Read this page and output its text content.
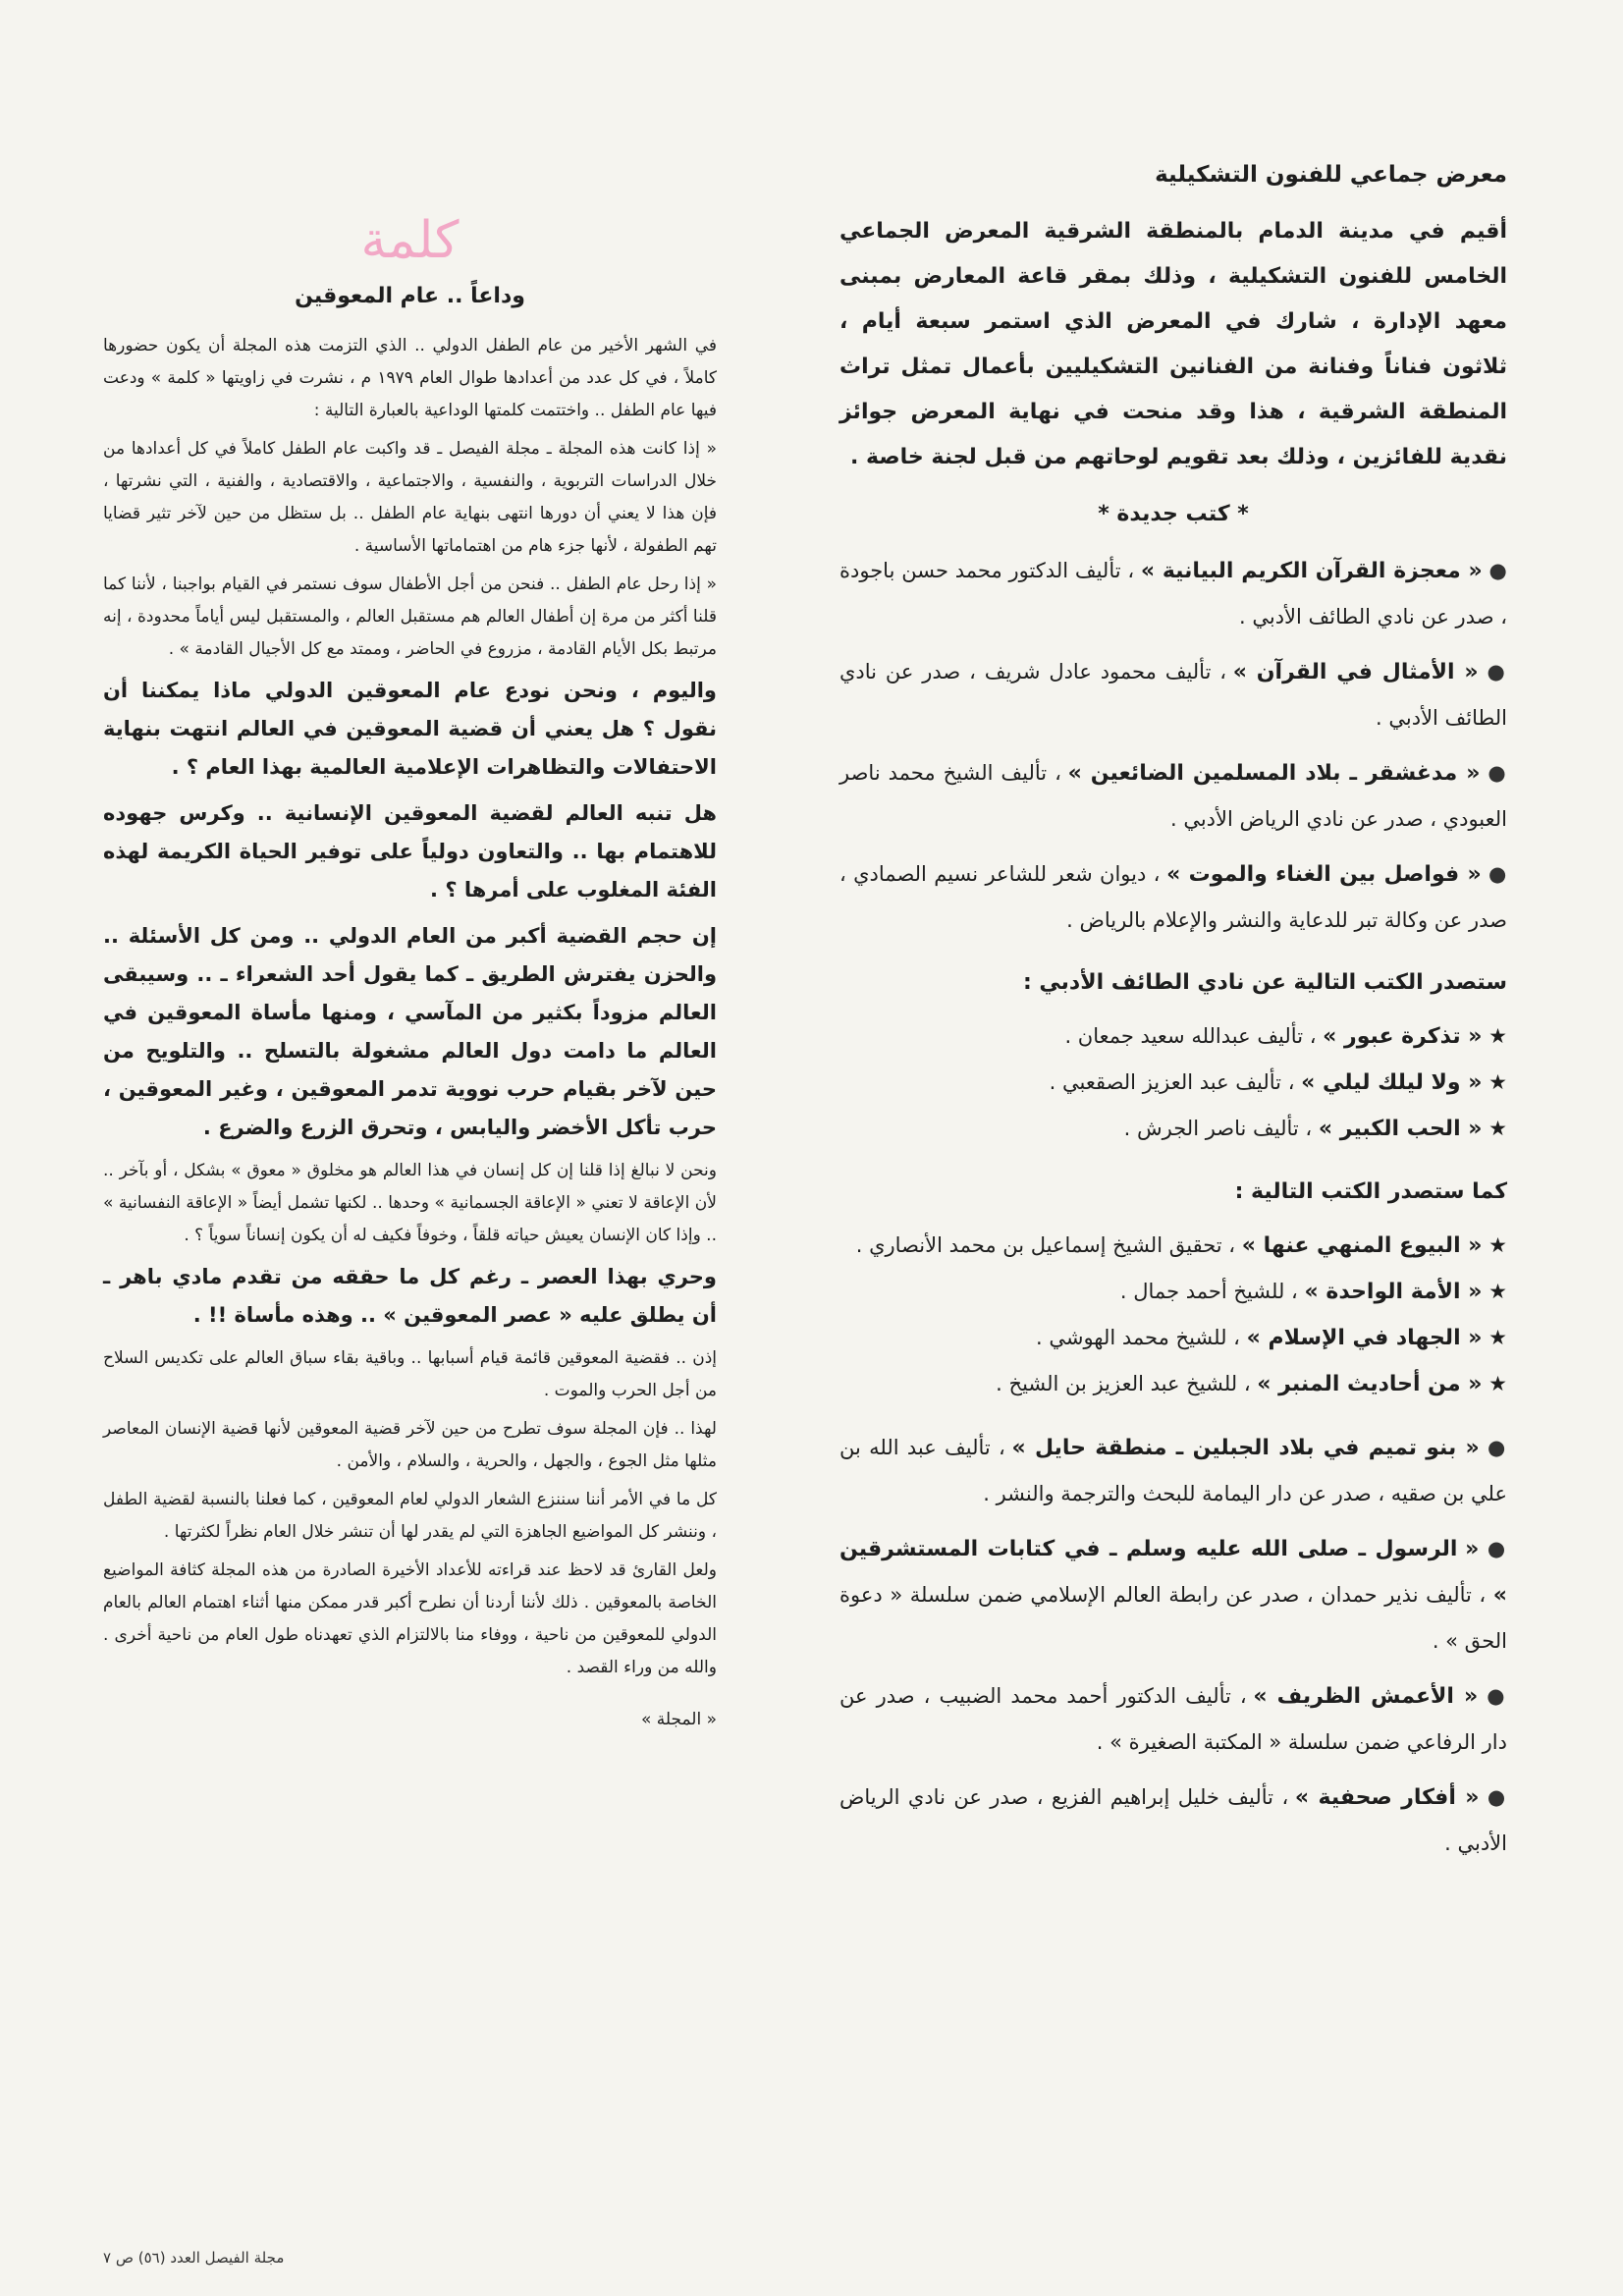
معرض جماعي للفنون التشكيلية

أقيم في مدينة الدمام بالمنطقة الشرقية المعرض الجماعي الخامس للفنون التشكيلية ، وذلك بمقر قاعة المعارض بمبنى معهد الإدارة ، شارك في المعرض الذي استمر سبعة أيام ، ثلاثون فناناً وفنانة من الفنانين التشكيليين بأعمال تمثل تراث المنطقة الشرقية ، هذا وقد منحت في نهاية المعرض جوائز نقدية للفائزين ، وذلك بعد تقويم لوحاتهم من قبل لجنة خاصة .

* كتب جديدة *

● « معجزة القرآن الكريم البيانية » ، تأليف الدكتور محمد حسن باجودة ، صدر عن نادي الطائف الأدبي .

● « الأمثال في القرآن » ، تأليف محمود عادل شريف ، صدر عن نادي الطائف الأدبي .

● « مدغشقر ـ بلاد المسلمين الضائعين » ، تأليف الشيخ محمد ناصر العبودي ، صدر عن نادي الرياض الأدبي .

● « فواصل بين الغناء والموت » ، ديوان شعر للشاعر نسيم الصمادي ، صدر عن وكالة تبر للدعاية والنشر والإعلام بالرياض .

ستصدر الكتب التالية عن نادي الطائف الأدبي :

★ « تذكرة عبور » ، تأليف عبدالله سعيد جمعان .

★ « ولا ليلك ليلي » ، تأليف عبد العزيز الصقعبي .

★ « الحب الكبير » ، تأليف ناصر الجرش .

كما ستصدر الكتب التالية :

★ « البيوع المنهي عنها » ، تحقيق الشيخ إسماعيل بن محمد الأنصاري .

★ « الأمة الواحدة » ، للشيخ أحمد جمال .

★ « الجهاد في الإسلام » ، للشيخ محمد الهوشي .

★ « من أحاديث المنبر » ، للشيخ عبد العزيز بن الشيخ .

● « بنو تميم في بلاد الجبلين ـ منطقة حايل » ، تأليف عبد الله بن علي بن صقيه ، صدر عن دار اليمامة للبحث والترجمة والنشر .

● « الرسول ـ صلى الله عليه وسلم ـ في كتابات المستشرقين » ، تأليف نذير حمدان ، صدر عن رابطة العالم الإسلامي ضمن سلسلة « دعوة الحق » .

● « الأعمش الظريف » ، تأليف الدكتور أحمد محمد الضبيب ، صدر عن دار الرفاعي ضمن سلسلة « المكتبة الصغيرة » .

● « أفكار صحفية » ، تأليف خليل إبراهيم الفزيع ، صدر عن نادي الرياض الأدبي .

كلمة
وداعاً .. عام المعوقين

في الشهر الأخير من عام الطفل الدولي .. الذي التزمت هذه المجلة أن يكون حضورها كاملاً ، في كل عدد من أعدادها طوال العام ١٩٧٩ م ، نشرت في زاويتها « كلمة » ودعت فيها عام الطفل .. واختتمت كلمتها الوداعية بالعبارة التالية :

« إذا كانت هذه المجلة ـ مجلة الفيصل ـ قد واكبت عام الطفل كاملاً في كل أعدادها من خلال الدراسات التربوية ، والنفسية ، والاجتماعية ، والاقتصادية ، والفنية ، التي نشرتها ، فإن هذا لا يعني أن دورها انتهى بنهاية عام الطفل .. بل ستظل من حين لآخر تثير قضايا تهم الطفولة ، لأنها جزء هام من اهتماماتها الأساسية .

« إذا رحل عام الطفل .. فنحن من أجل الأطفال سوف نستمر في القيام بواجبنا ، لأننا كما قلنا أكثر من مرة إن أطفال العالم هم مستقبل العالم ، والمستقبل ليس أياماً محدودة ، إنه مرتبط بكل الأيام القادمة ، مزروع في الحاضر ، وممتد مع كل الأجيال القادمة » .

واليوم ، ونحن نودع عام المعوقين الدولي ماذا يمكننا أن نقول ؟ هل يعني أن قضية المعوقين في العالم انتهت بنهاية الاحتفالات والتظاهرات الإعلامية العالمية بهذا العام ؟ .

هل تنبه العالم لقضية المعوقين الإنسانية .. وكرس جهوده للاهتمام بها .. والتعاون دولياً على توفير الحياة الكريمة لهذه الفئة المغلوب على أمرها ؟ .

إن حجم القضية أكبر من العام الدولي .. ومن كل الأسئلة .. والحزن يفترش الطريق ـ كما يقول أحد الشعراء ـ .. وسيبقى العالم مزوداً بكثير من المآسي ، ومنها مأساة المعوقين في العالم ما دامت دول العالم مشغولة بالتسلح .. والتلويح من حين لآخر بقيام حرب نووية تدمر المعوقين ، وغير المعوقين ، حرب تأكل الأخضر واليابس ، وتحرق الزرع والضرع .

ونحن لا نبالغ إذا قلنا إن كل إنسان في هذا العالم هو مخلوق « معوق » بشكل ، أو بآخر .. لأن الإعاقة لا تعني « الإعاقة الجسمانية » وحدها .. لكنها تشمل أيضاً « الإعاقة النفسانية » .. وإذا كان الإنسان يعيش حياته قلقاً ، وخوفاً فكيف له أن يكون إنساناً سوياً ؟ .

وحري بهذا العصر ـ رغم كل ما حققه من تقدم مادي باهر ـ أن يطلق عليه « عصر المعوقين » .. وهذه مأساة !! .

إذن .. فقضية المعوقين قائمة قيام أسبابها .. وباقية بقاء سباق العالم على تكديس السلاح من أجل الحرب والموت .

لهذا .. فإن المجلة سوف تطرح من حين لآخر قضية المعوقين لأنها قضية الإنسان المعاصر مثلها مثل الجوع ، والجهل ، والحرية ، والسلام ، والأمن .

كل ما في الأمر أننا سننزع الشعار الدولي لعام المعوقين ، كما فعلنا بالنسبة لقضية الطفل ، وننشر كل المواضيع الجاهزة التي لم يقدر لها أن تنشر خلال العام نظراً لكثرتها .

ولعل القارئ قد لاحظ عند قراءته للأعداد الأخيرة الصادرة من هذه المجلة كثافة المواضيع الخاصة بالمعوقين . ذلك لأننا أردنا أن نطرح أكبر قدر ممكن منها أثناء اهتمام العالم بالعام الدولي للمعوقين من ناحية ، ووفاء منا بالالتزام الذي تعهدناه طول العام من ناحية أخرى . والله من وراء القصد .

« المجلة »
مجلة الفيصل العدد (٥٦) ص ٧
